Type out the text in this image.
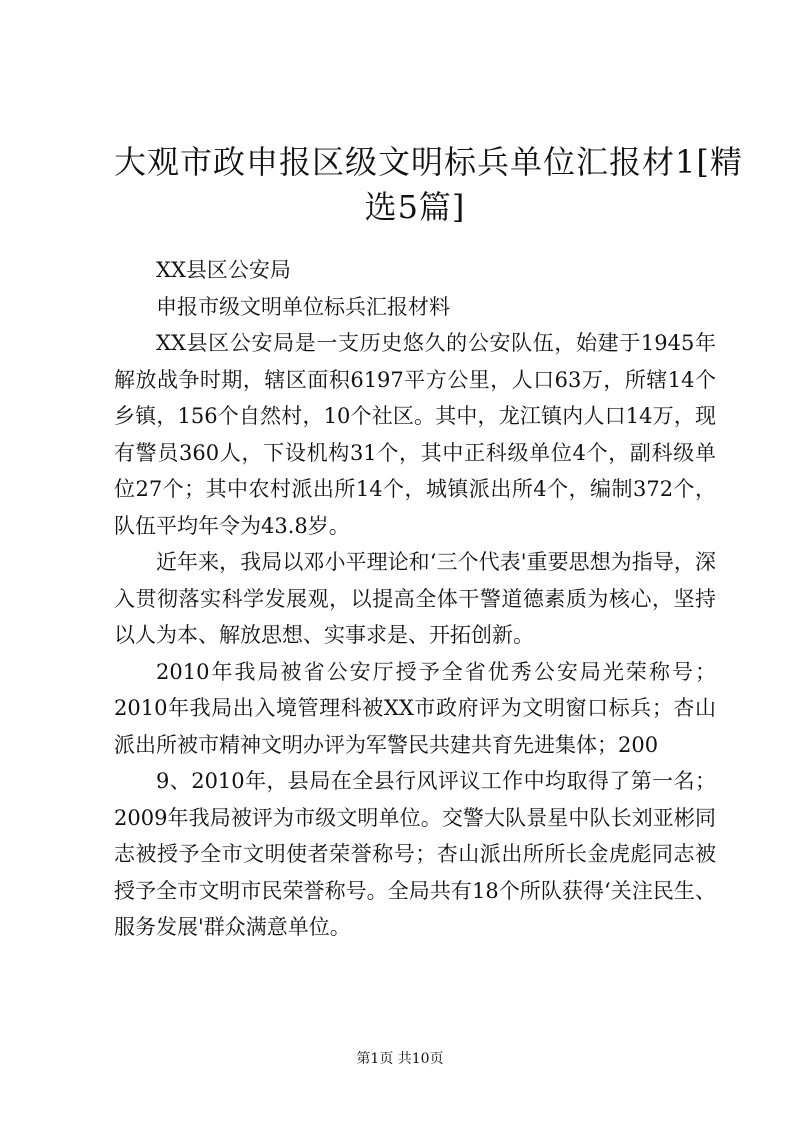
大观市政申报区级文明标兵单位汇报材1[精
选5篇]

XX县区公安局

申报市级文明单位标兵汇报材料

XX县区公安局是一支历史悠久的公安队伍，始建于1945年解放战争时期，辖区面积6197平方公里，人口63万，所辖14个乡镇，156个自然村，10个社区。其中，龙江镇内人口14万，现有警员360人，下设机构31个，其中正科级单位4个，副科级单位27个；其中农村派出所14个，城镇派出所4个，编制372个，队伍平均年令为43.8岁。

近年来，我局以邓小平理论和‘三个代表'重要思想为指导，深入贯彻落实科学发展观，以提高全体干警道德素质为核心，坚持以人为本、解放思想、实事求是、开拓创新。

2010年我局被省公安厅授予全省优秀公安局光荣称号；2010年我局出入境管理科被XX市政府评为文明窗口标兵；杏山派出所被市精神文明办评为军警民共建共育先进集体；200

9、2010年，县局在全县行风评议工作中均取得了第一名；2009年我局被评为市级文明单位。交警大队景星中队长刘亚彬同志被授予全市文明使者荣誉称号；杏山派出所所长金虎彪同志被授予全市文明市民荣誉称号。全局共有18个所队获得‘关注民生、服务发展'群众满意单位。

第1页 共10页
